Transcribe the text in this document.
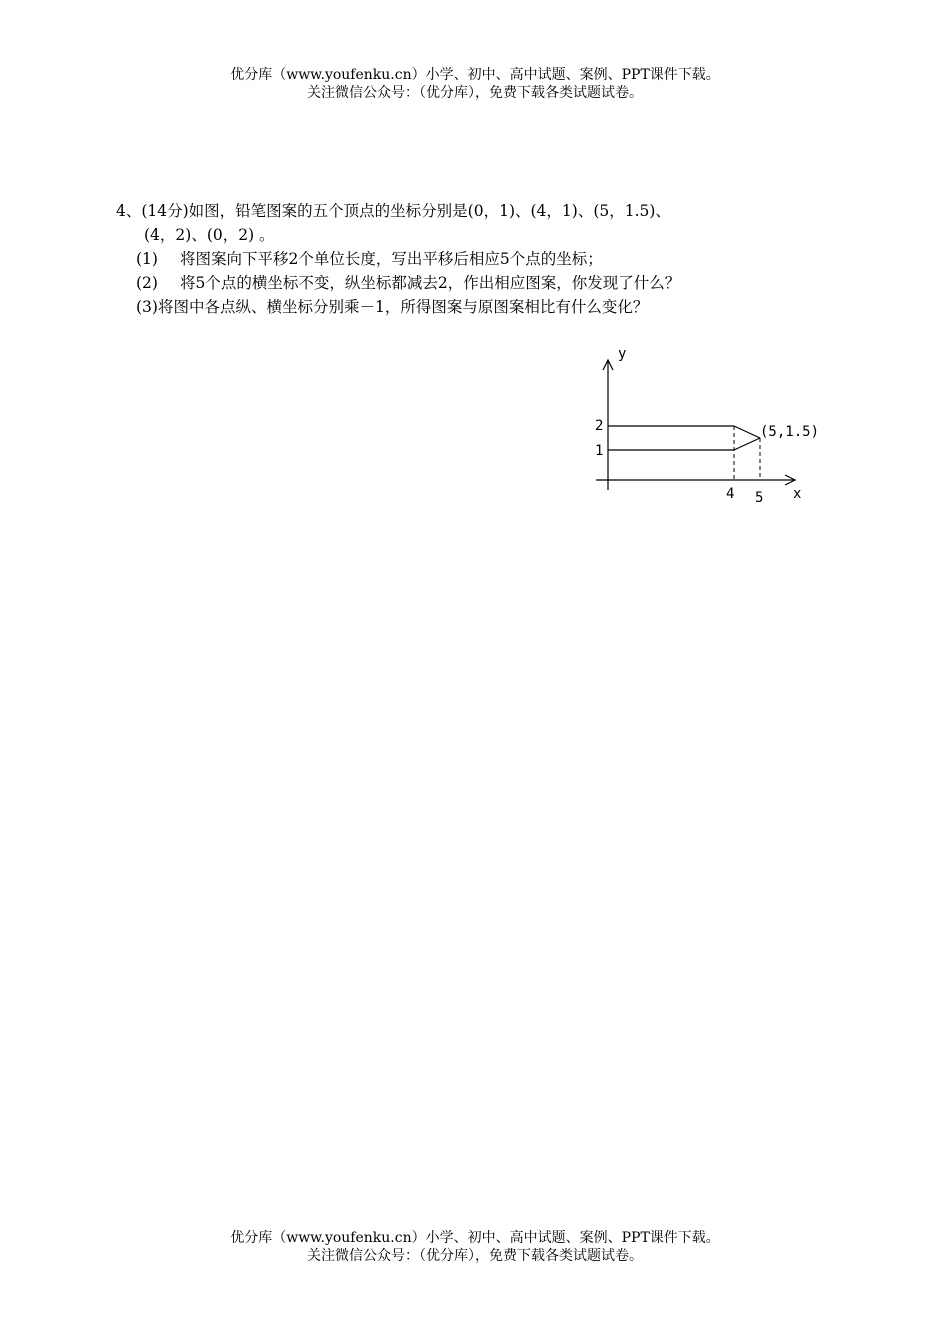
优分库（www.youfenku.cn）小学、初中、高中试题、案例、PPT课件下载。
关注微信公众号：（优分库），免费下载各类试题试卷。
4、(14分)如图，铅笔图案的五个顶点的坐标分别是(0，1)、(4，1)、(5，1.5)、
(4，2)、(0，2) 。
(1) 将图案向下平移2个单位长度，写出平移后相应5个点的坐标；
(2) 将5个点的横坐标不变，纵坐标都减去2，作出相应图案，你发现了什么？
(3)将图中各点纵、横坐标分别乘－1，所得图案与原图案相比有什么变化？
y
x
2
1
4 5
(5,1.5)
优分库（www.youfenku.cn）小学、初中、高中试题、案例、PPT课件下载。
关注微信公众号：（优分库），免费下载各类试题试卷。
